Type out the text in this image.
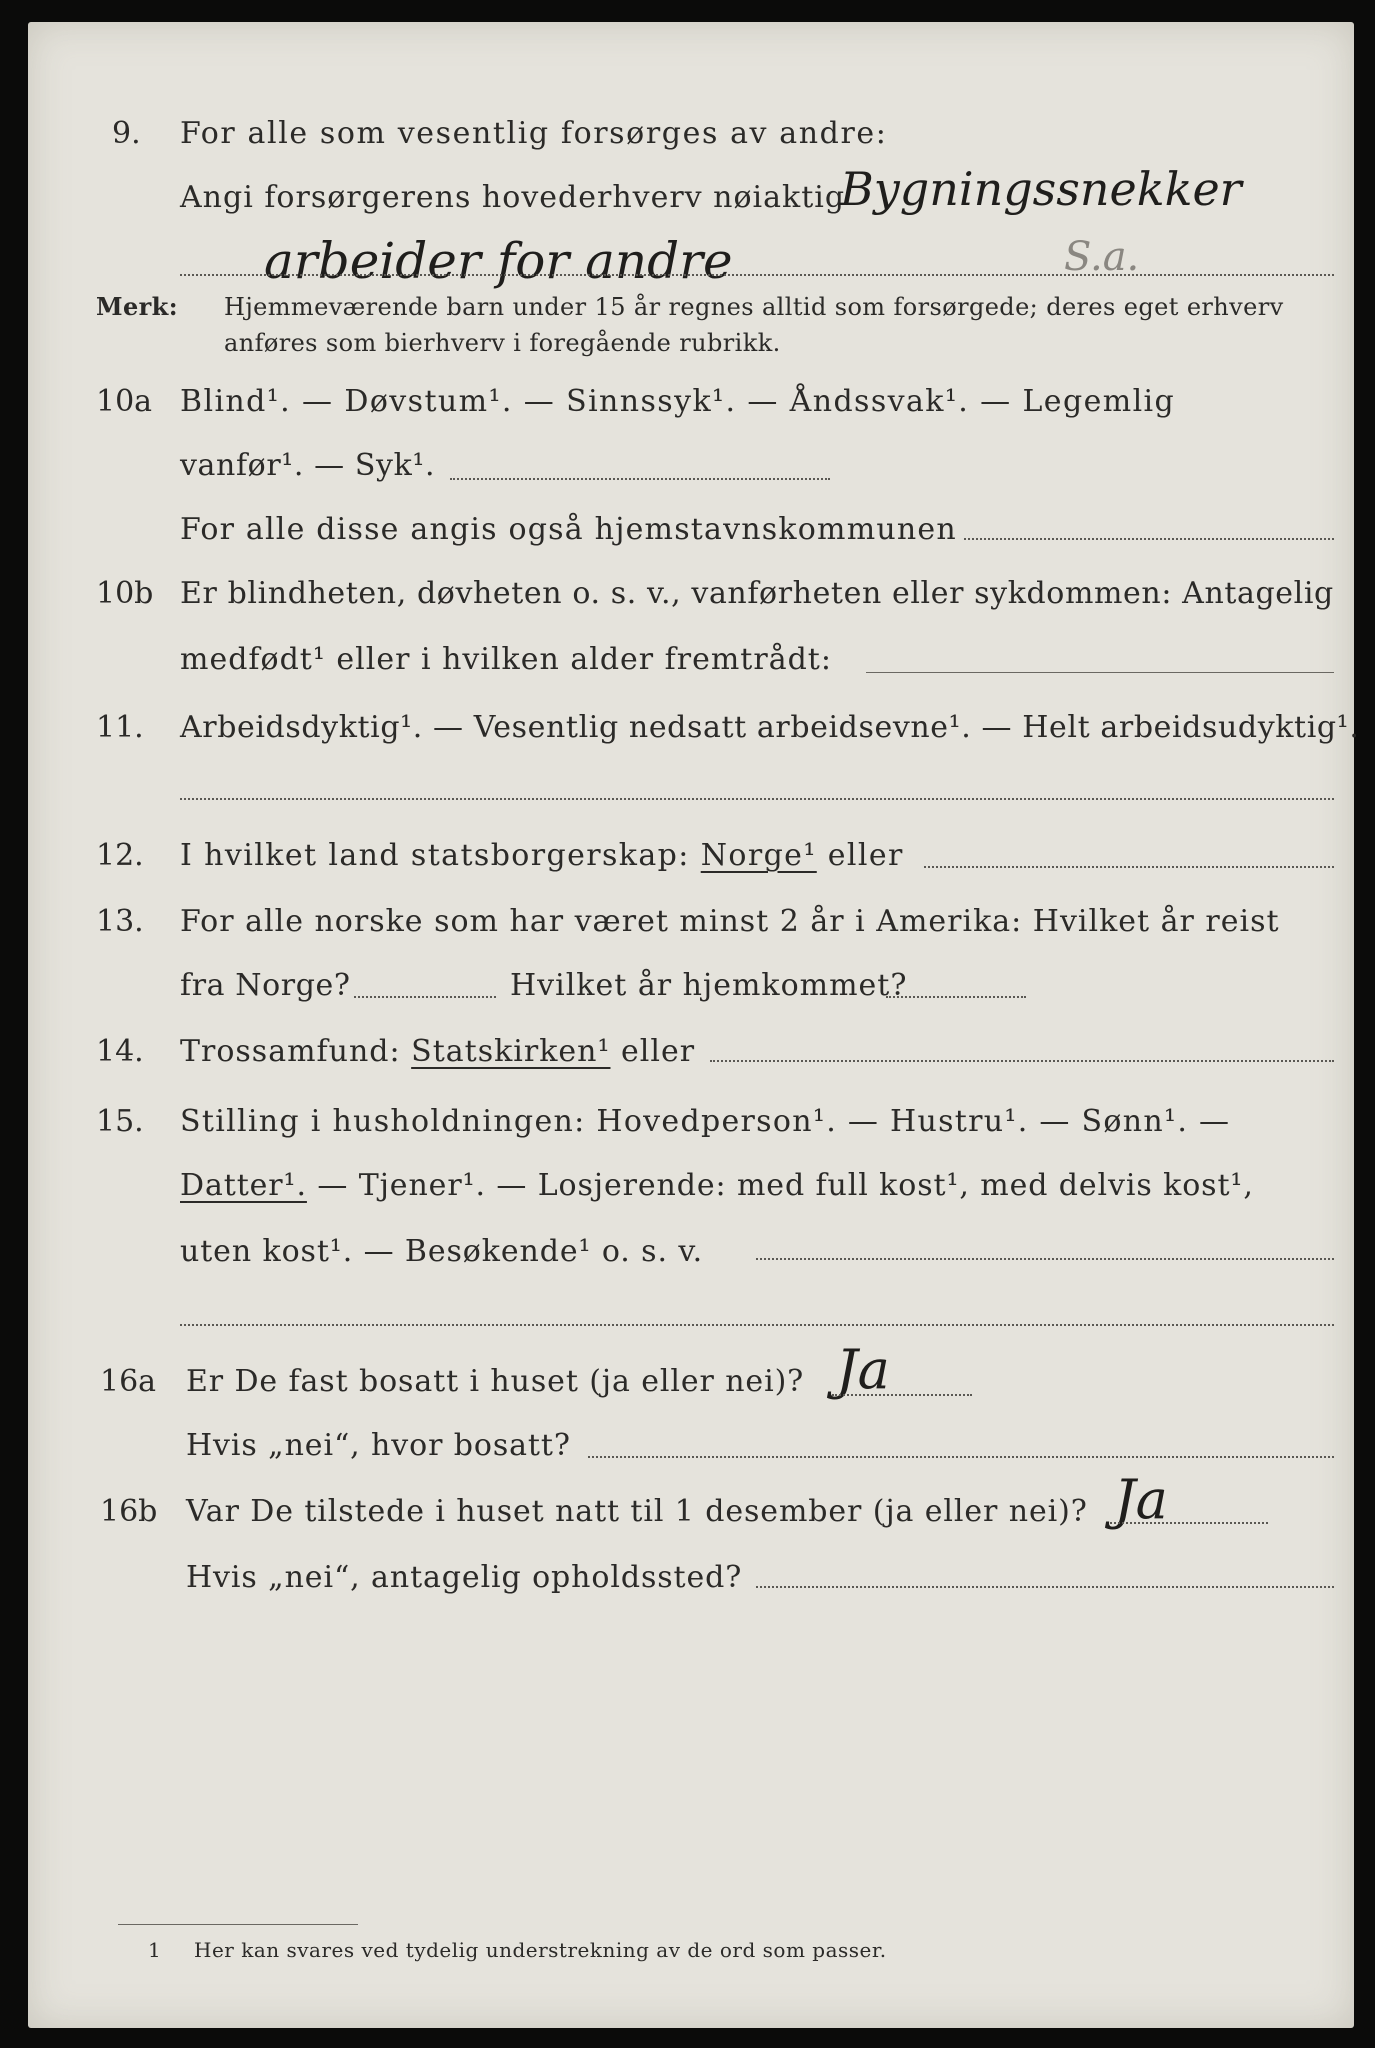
9. For alle som vesentlig forsørges av andre:
Angi forsørgerens hovederhverv nøiaktig
Bygningssnekker
arbeider for andre	S.a.
Merk: Hjemmeværende barn under 15 år regnes alltid som forsørgede; deres eget erhverv
anføres som bierhverv i foregående rubrikk.
10a Blind¹. — Døvstum¹. — Sinnssyk¹. — Åndssvak¹. — Legemlig
vanfør¹. — Syk¹.
For alle disse angis også hjemstavnskommunen
10b Er blindheten, døvheten o. s. v., vanførheten eller sykdommen: Antagelig
medfødt¹ eller i hvilken alder fremtrådt:
11. Arbeidsdyktig¹. — Vesentlig nedsatt arbeidsevne¹. — Helt arbeidsudyktig¹.
12. I hvilket land statsborgerskap: Norge¹ eller
13. For alle norske som har været minst 2 år i Amerika: Hvilket år reist
fra Norge?	Hvilket år hjemkommet?
14. Trossamfund: Statskirken¹ eller
15. Stilling i husholdningen: Hovedperson¹. — Hustru¹. — Sønn¹. —
Datter¹. — Tjener¹. — Losjerende: med full kost¹, med delvis kost¹,
uten kost¹. — Besøkende¹ o. s. v.
16a Er De fast bosatt i huset (ja eller nei)? Ja
Hvis „nei“, hvor bosatt?
16b Var De tilstede i huset natt til 1 desember (ja eller nei)? Ja
Hvis „nei“, antagelig opholdssted?
1 Her kan svares ved tydelig understrekning av de ord som passer.
